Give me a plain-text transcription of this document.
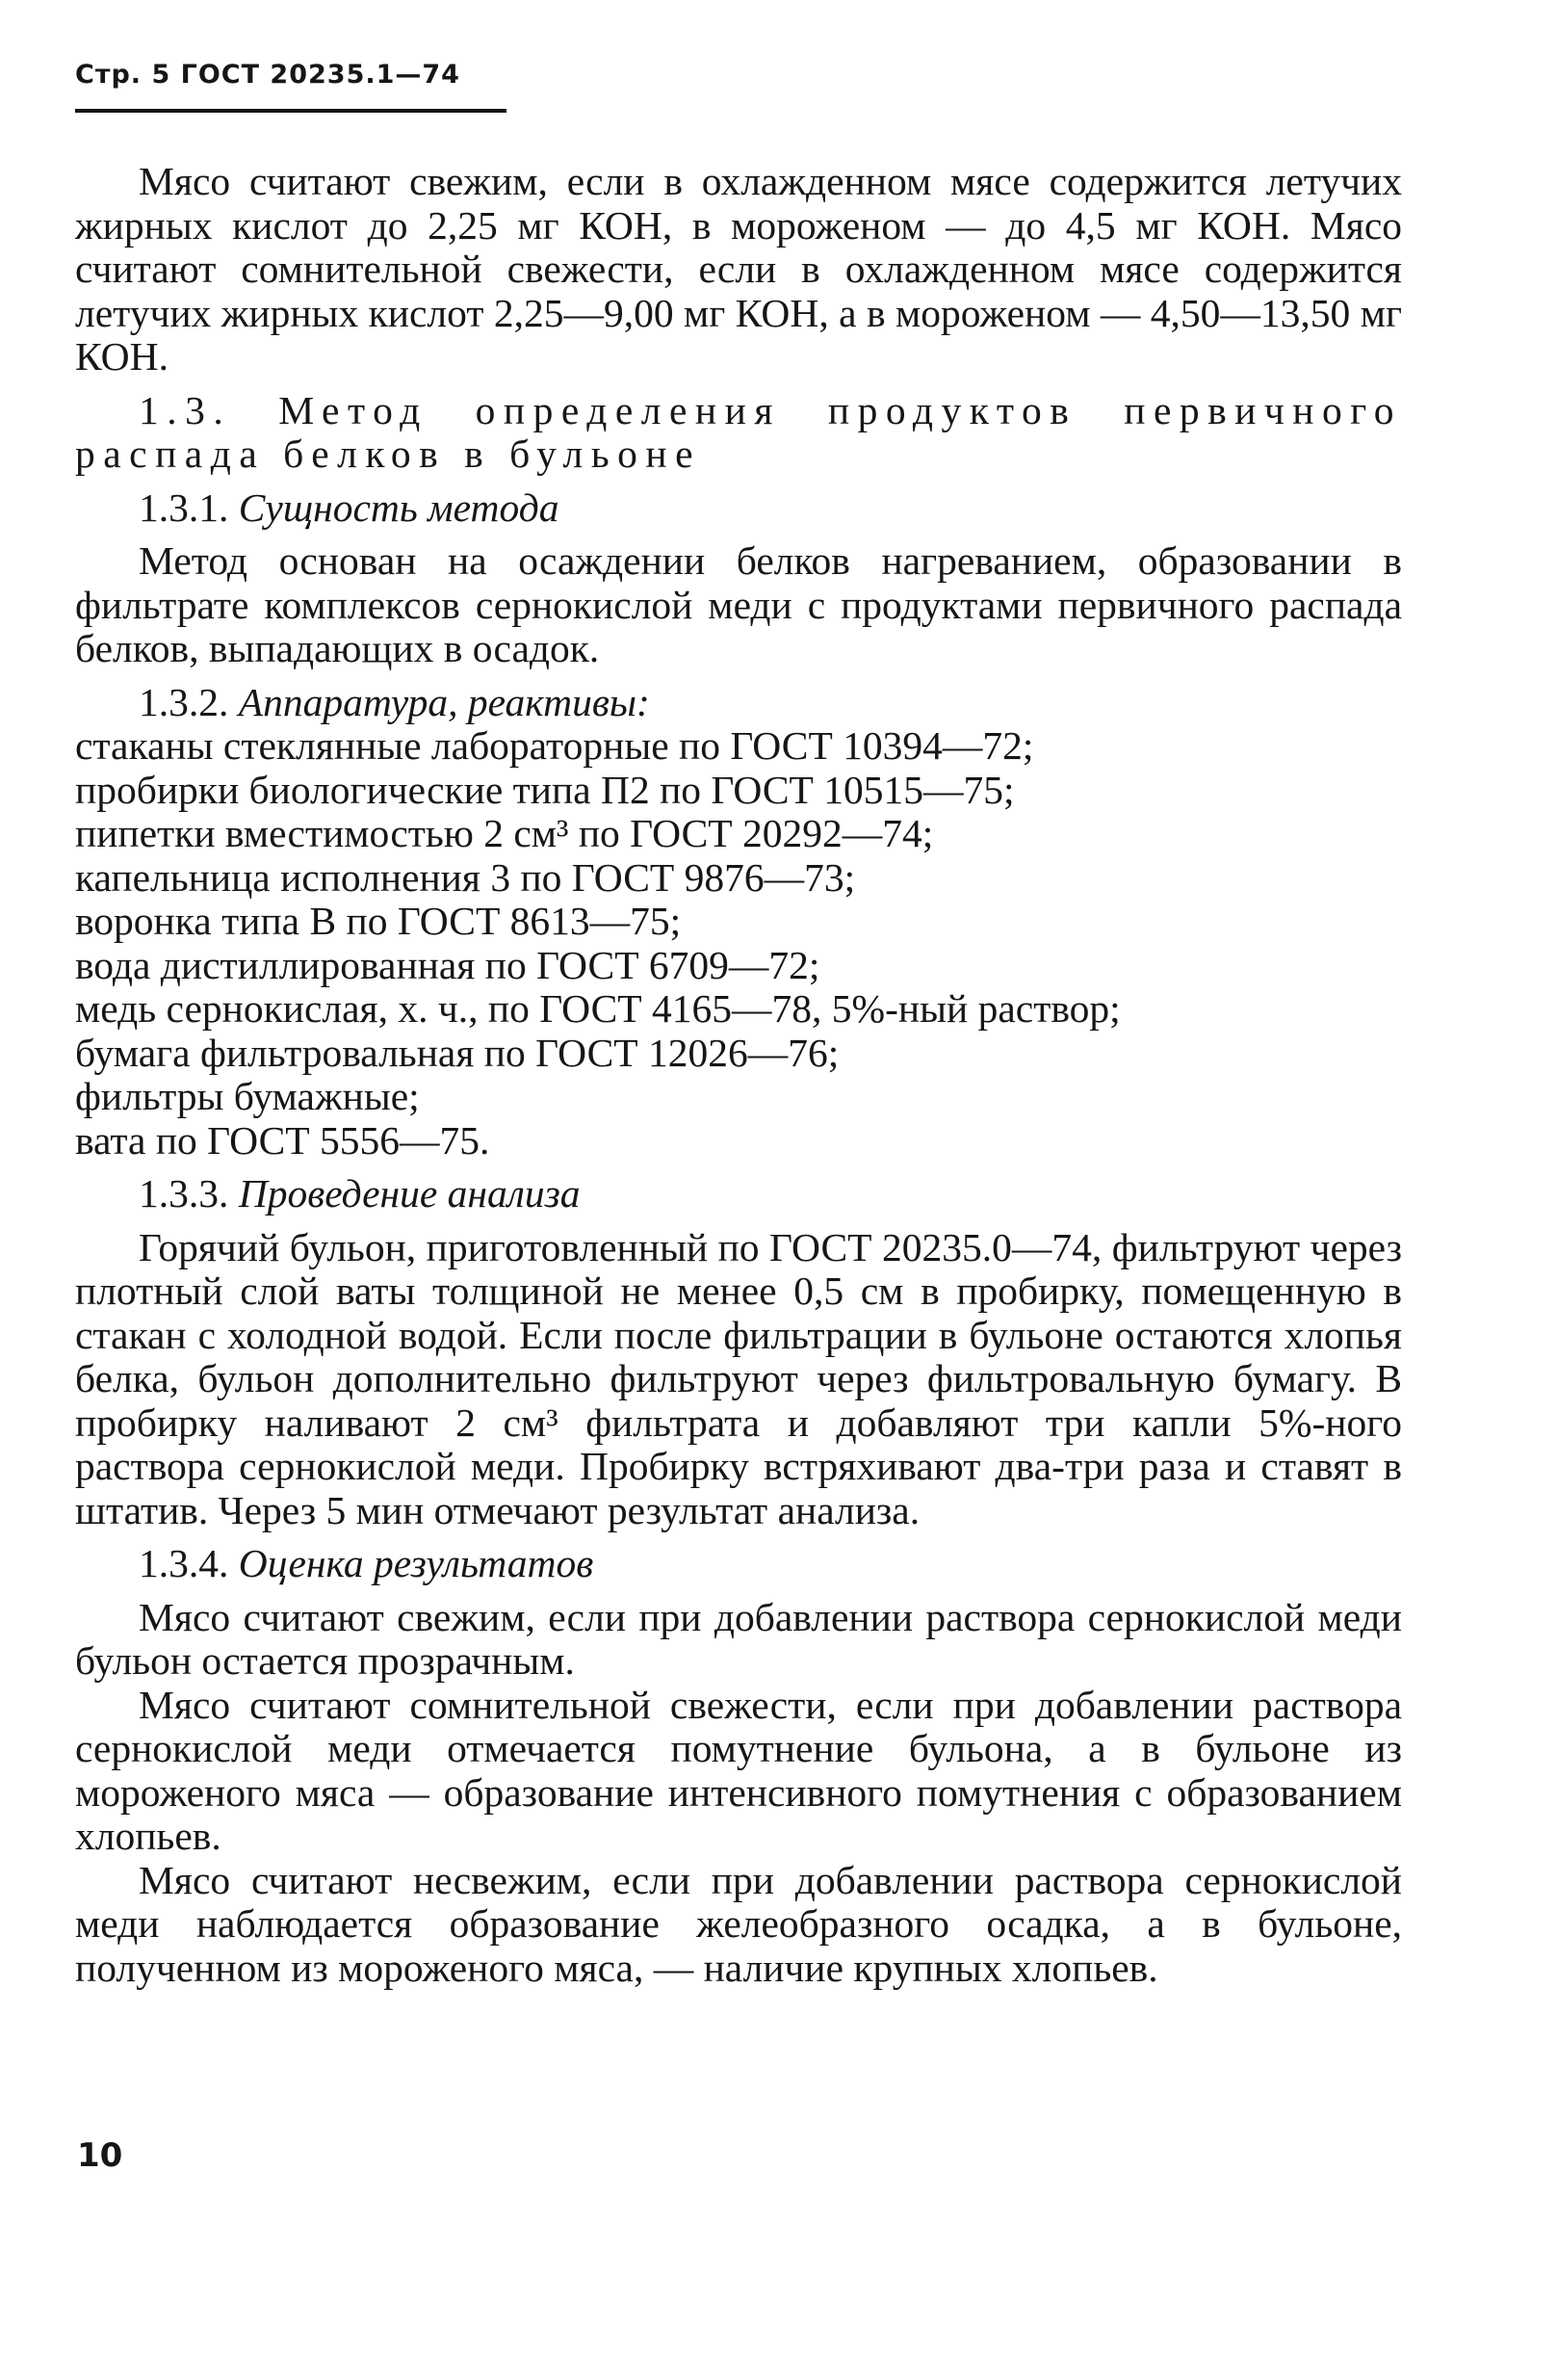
Стр. 5 ГОСТ 20235.1—74

Мясо считают свежим, если в охлажденном мясе содержится летучих жирных кислот до 2,25 мг КОН, в мороженом — до 4,5 мг КОН. Мясо считают сомнительной свежести, если в охлажденном мясе содержится летучих жирных кислот 2,25—9,00 мг КОН, а в мороженом — 4,50—13,50 мг КОН.

1.3. Метод определения продуктов первичного распада белков в бульоне

1.3.1. Сущность метода

Метод основан на осаждении белков нагреванием, образовании в фильтрате комплексов сернокислой меди с продуктами первичного распада белков, выпадающих в осадок.

1.3.2. Аппаратура, реактивы:

стаканы стеклянные лабораторные по ГОСТ 10394—72;
пробирки биологические типа П2 по ГОСТ 10515—75;
пипетки вместимостью 2 см³ по ГОСТ 20292—74;
капельница исполнения 3 по ГОСТ 9876—73;
воронка типа В по ГОСТ 8613—75;
вода дистиллированная по ГОСТ 6709—72;
медь сернокислая, х. ч., по ГОСТ 4165—78, 5%-ный раствор;
бумага фильтровальная по ГОСТ 12026—76;
фильтры бумажные;
вата по ГОСТ 5556—75.

1.3.3. Проведение анализа

Горячий бульон, приготовленный по ГОСТ 20235.0—74, фильтруют через плотный слой ваты толщиной не менее 0,5 см в пробирку, помещенную в стакан с холодной водой. Если после фильтрации в бульоне остаются хлопья белка, бульон дополнительно фильтруют через фильтровальную бумагу. В пробирку наливают 2 см³ фильтрата и добавляют три капли 5%-ного раствора сернокислой меди. Пробирку встряхивают два-три раза и ставят в штатив. Через 5 мин отмечают результат анализа.

1.3.4. Оценка результатов

Мясо считают свежим, если при добавлении раствора сернокислой меди бульон остается прозрачным.

Мясо считают сомнительной свежести, если при добавлении раствора сернокислой меди отмечается помутнение бульона, а в бульоне из мороженого мяса — образование интенсивного помутнения с образованием хлопьев.

Мясо считают несвежим, если при добавлении раствора сернокислой меди наблюдается образование желеобразного осадка, а в бульоне, полученном из мороженого мяса, — наличие крупных хлопьев.

10
